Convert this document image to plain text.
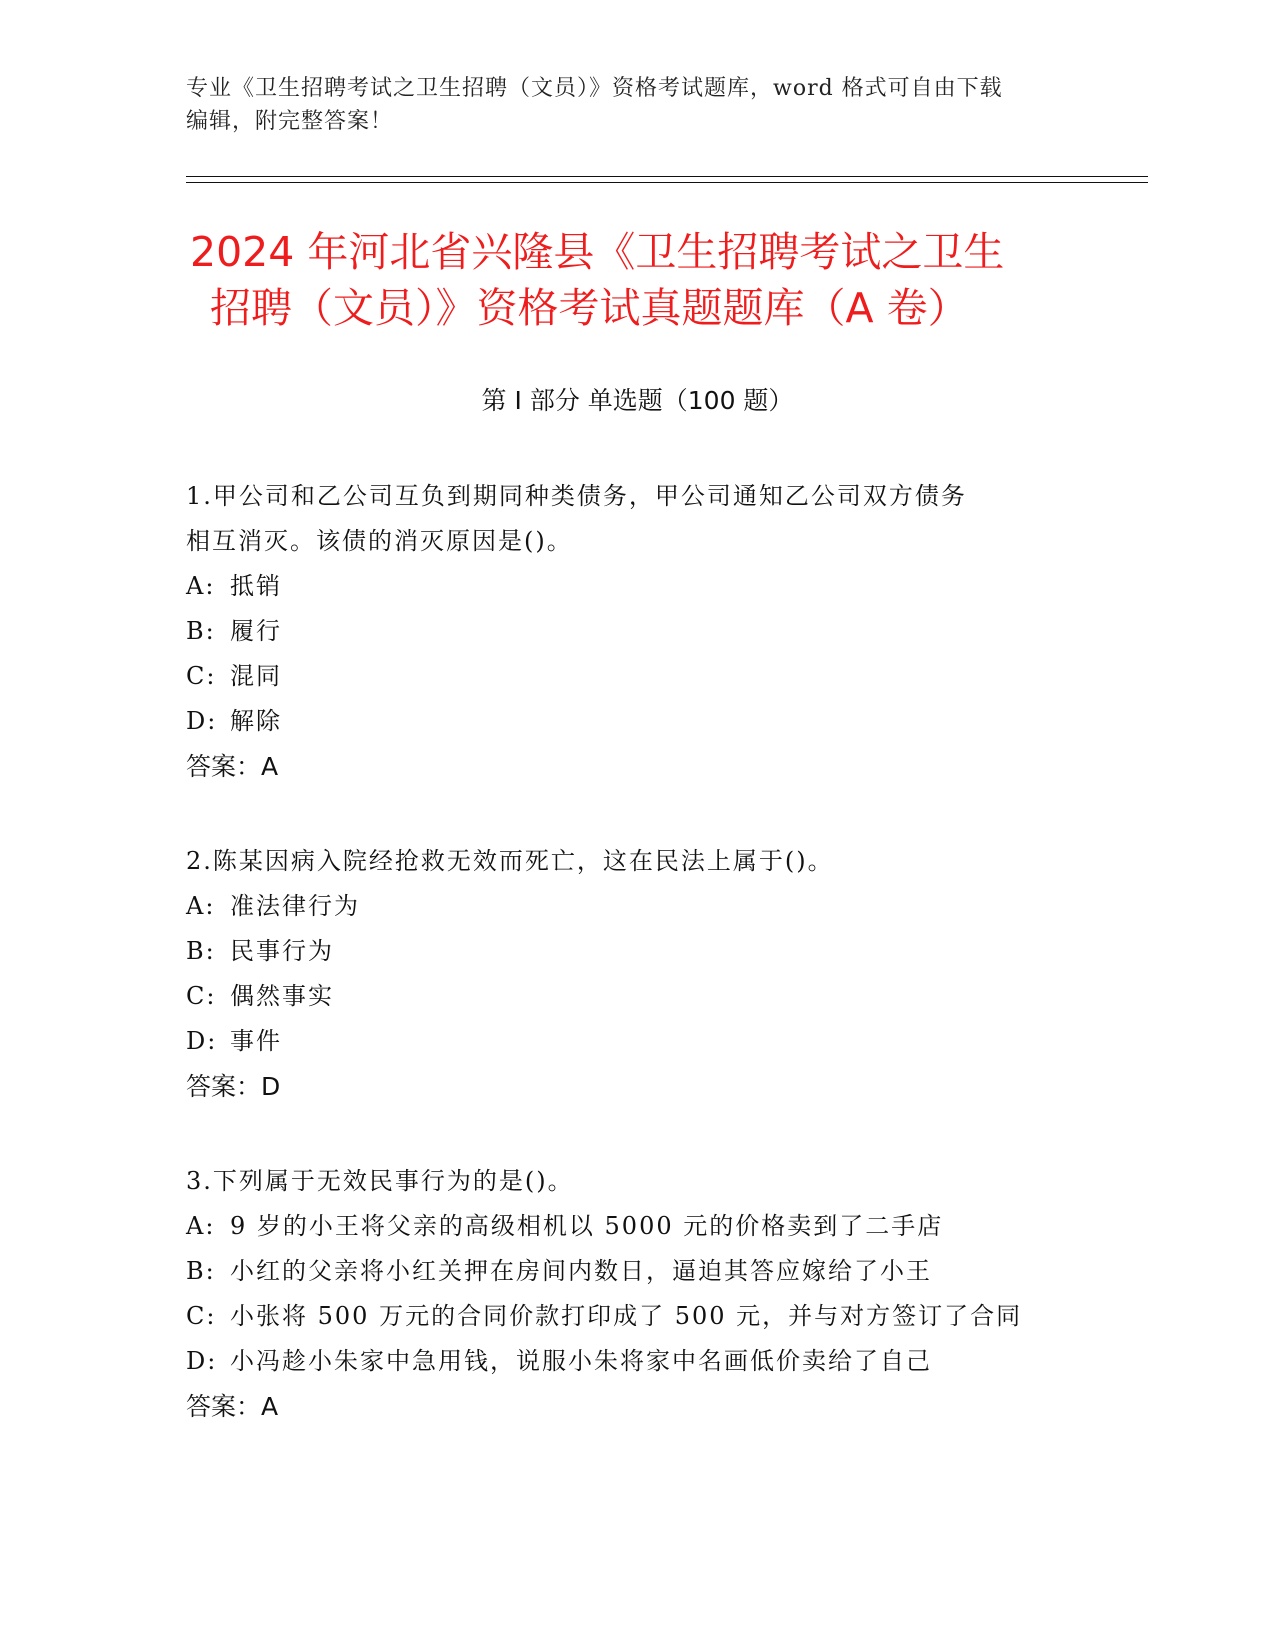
专业《卫生招聘考试之卫生招聘（文员）》资格考试题库，word 格式可自由下载
编辑，附完整答案！
2024 年河北省兴隆县《卫生招聘考试之卫生
招聘（文员）》资格考试真题题库（A 卷）
第 I 部分 单选题（100 题）

1.甲公司和乙公司互负到期同种类债务，甲公司通知乙公司双方债务
相互消灭。该债的消灭原因是()。

A: 抵销
B: 履行
C: 混同
D: 解除
答案：A

2.陈某因病入院经抢救无效而死亡，这在民法上属于()。

A: 准法律行为
B: 民事行为
C: 偶然事实
D: 事件
答案：D

3.下列属于无效民事行为的是()。

A: 9 岁的小王将父亲的高级相机以 5000 元的价格卖到了二手店
B: 小红的父亲将小红关押在房间内数日，逼迫其答应嫁给了小王
C: 小张将 500 万元的合同价款打印成了 500 元，并与对方签订了合同
D: 小冯趁小朱家中急用钱，说服小朱将家中名画低价卖给了自己
答案：A
